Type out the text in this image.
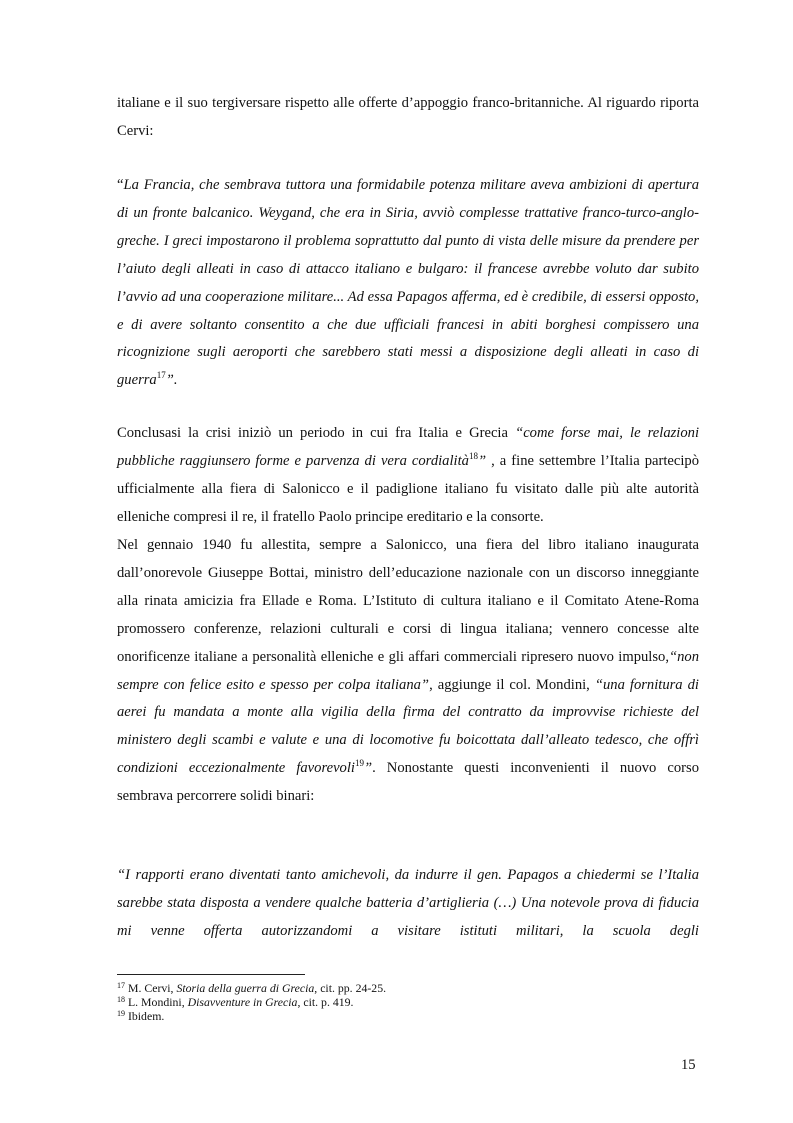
italiane e il suo tergiversare rispetto alle offerte d’appoggio franco-britanniche. Al riguardo riporta Cervi:

“La Francia, che sembrava tuttora una formidabile potenza militare aveva ambizioni di apertura di un fronte balcanico. Weygand, che era in Siria, avviò complesse trattative franco-turco-anglo-greche. I greci impostarono il problema soprattutto dal punto di vista delle misure da prendere per l’aiuto degli alleati in caso di attacco italiano e bulgaro: il francese avrebbe voluto dar subito l’avvio ad una cooperazione militare... Ad essa Papagos afferma, ed è credibile, di essersi opposto, e di avere soltanto consentito a che due ufficiali francesi in abiti borghesi compissero una ricognizione sugli aeroporti che sarebbero stati messi a disposizione degli alleati in caso di guerra$^{17}$”.

Conclusasi la crisi iniziò un periodo in cui fra Italia e Grecia “come forse mai, le relazioni pubbliche raggiunsero forme e parvenza di vera cordialità$^{18}$” , a fine settembre l’Italia partecipò ufficialmente alla fiera di Salonicco e il padiglione italiano fu visitato dalle più alte autorità elleniche compresi il re, il fratello Paolo principe ereditario e la consorte.

Nel gennaio 1940 fu allestita, sempre a Salonicco, una fiera del libro italiano inaugurata dall’onorevole Giuseppe Bottai, ministro dell’educazione nazionale con un discorso inneggiante alla rinata amicizia fra Ellade e Roma. L’Istituto di cultura italiano e il Comitato Atene-Roma promossero conferenze, relazioni culturali e corsi di lingua italiana; vennero concesse alte onorificenze italiane a personalità elleniche e gli affari commerciali ripresero nuovo impulso,“non sempre con felice esito e spesso per colpa italiana”, aggiunge il col. Mondini, “una fornitura di aerei fu mandata a monte alla vigilia della firma del contratto da improvvise richieste del ministero degli scambi e valute e una di locomotive fu boicottata dall’alleato tedesco, che offrì condizioni eccezionalmente favorevoli$^{19}$”. Nonostante questi inconvenienti il nuovo corso sembrava percorrere solidi binari:

“I rapporti erano diventati tanto amichevoli, da indurre il gen. Papagos a chiedermi se l’Italia sarebbe stata disposta a vendere qualche batteria d’artiglieria (…) Una notevole prova di fiducia mi venne offerta autorizzandomi a visitare istituti militari, la scuola degli

$^{17}$ M. Cervi, Storia della guerra di Grecia, cit. pp. 24-25.

$^{18}$ L. Mondini, Disavventure in Grecia, cit. p. 419.

$^{19}$ Ibidem.

15
